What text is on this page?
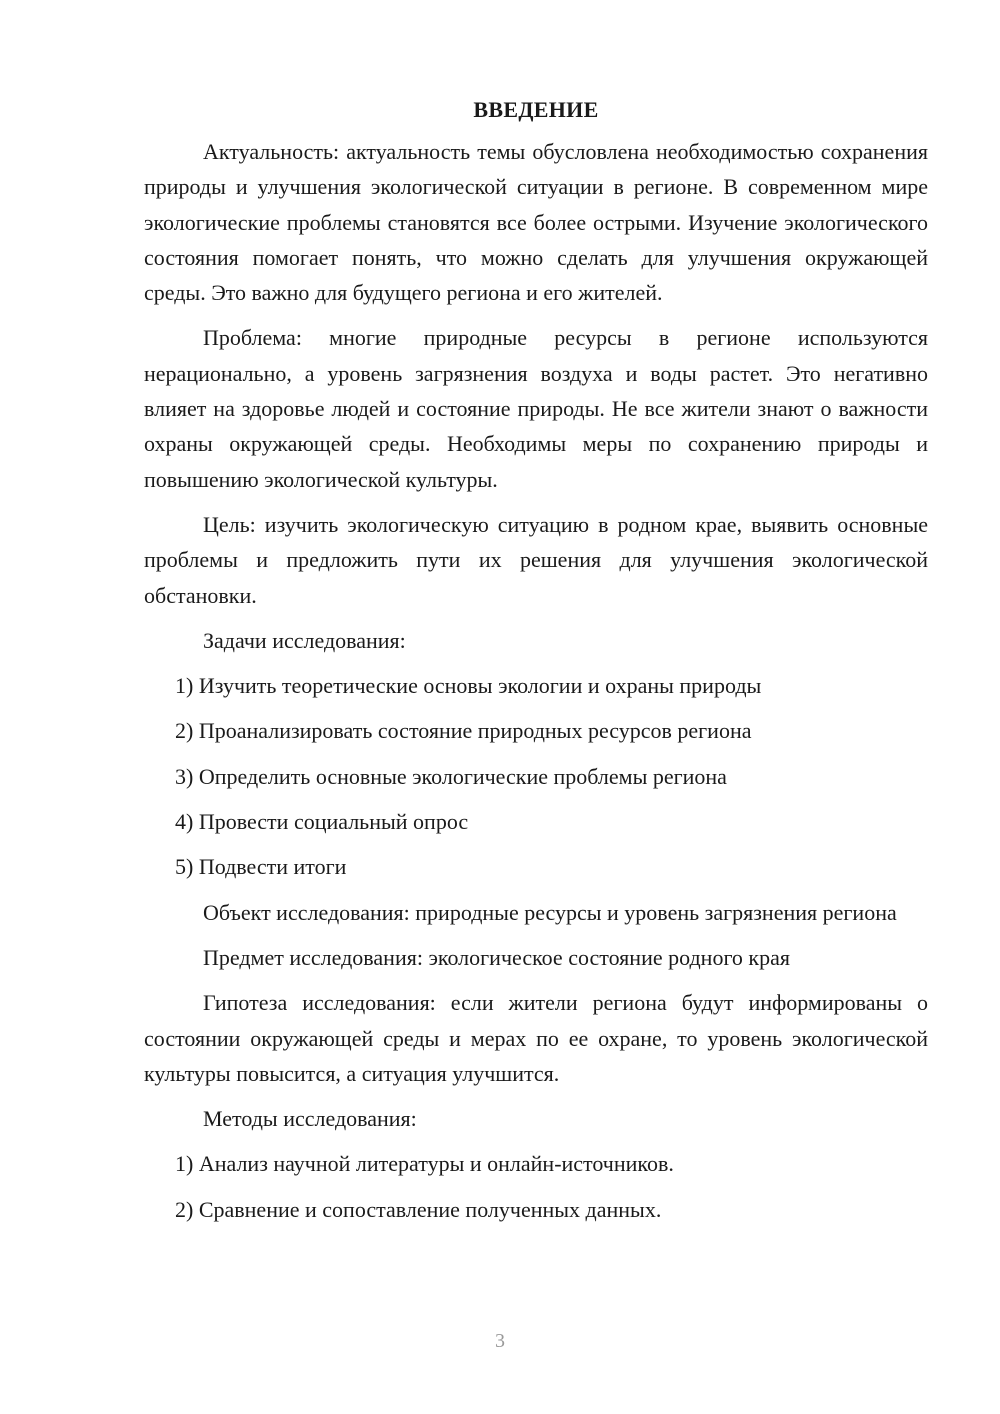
ВВЕДЕНИЕ

Актуальность: актуальность темы обусловлена необходимостью сохранения природы и улучшения экологической ситуации в регионе. В современном мире экологические проблемы становятся все более острыми. Изучение экологического состояния помогает понять, что можно сделать для улучшения окружающей среды. Это важно для будущего региона и его жителей.

Проблема: многие природные ресурсы в регионе используются нерационально, а уровень загрязнения воздуха и воды растет. Это негативно влияет на здоровье людей и состояние природы. Не все жители знают о важности охраны окружающей среды. Необходимы меры по сохранению природы и повышению экологической культуры.

Цель: изучить экологическую ситуацию в родном крае, выявить основные проблемы и предложить пути их решения для улучшения экологической обстановки.

Задачи исследования:

1) Изучить теоретические основы экологии и охраны природы
2) Проанализировать состояние природных ресурсов региона
3) Определить основные экологические проблемы региона
4) Провести социальный опрос
5) Подвести итоги

Объект исследования: природные ресурсы и уровень загрязнения региона

Предмет исследования: экологическое состояние родного края

Гипотеза исследования: если жители региона будут информированы о состоянии окружающей среды и мерах по ее охране, то уровень экологической культуры повысится, а ситуация улучшится.

Методы исследования:

1) Анализ научной литературы и онлайн-источников.
2) Сравнение и сопоставление полученных данных.
3
